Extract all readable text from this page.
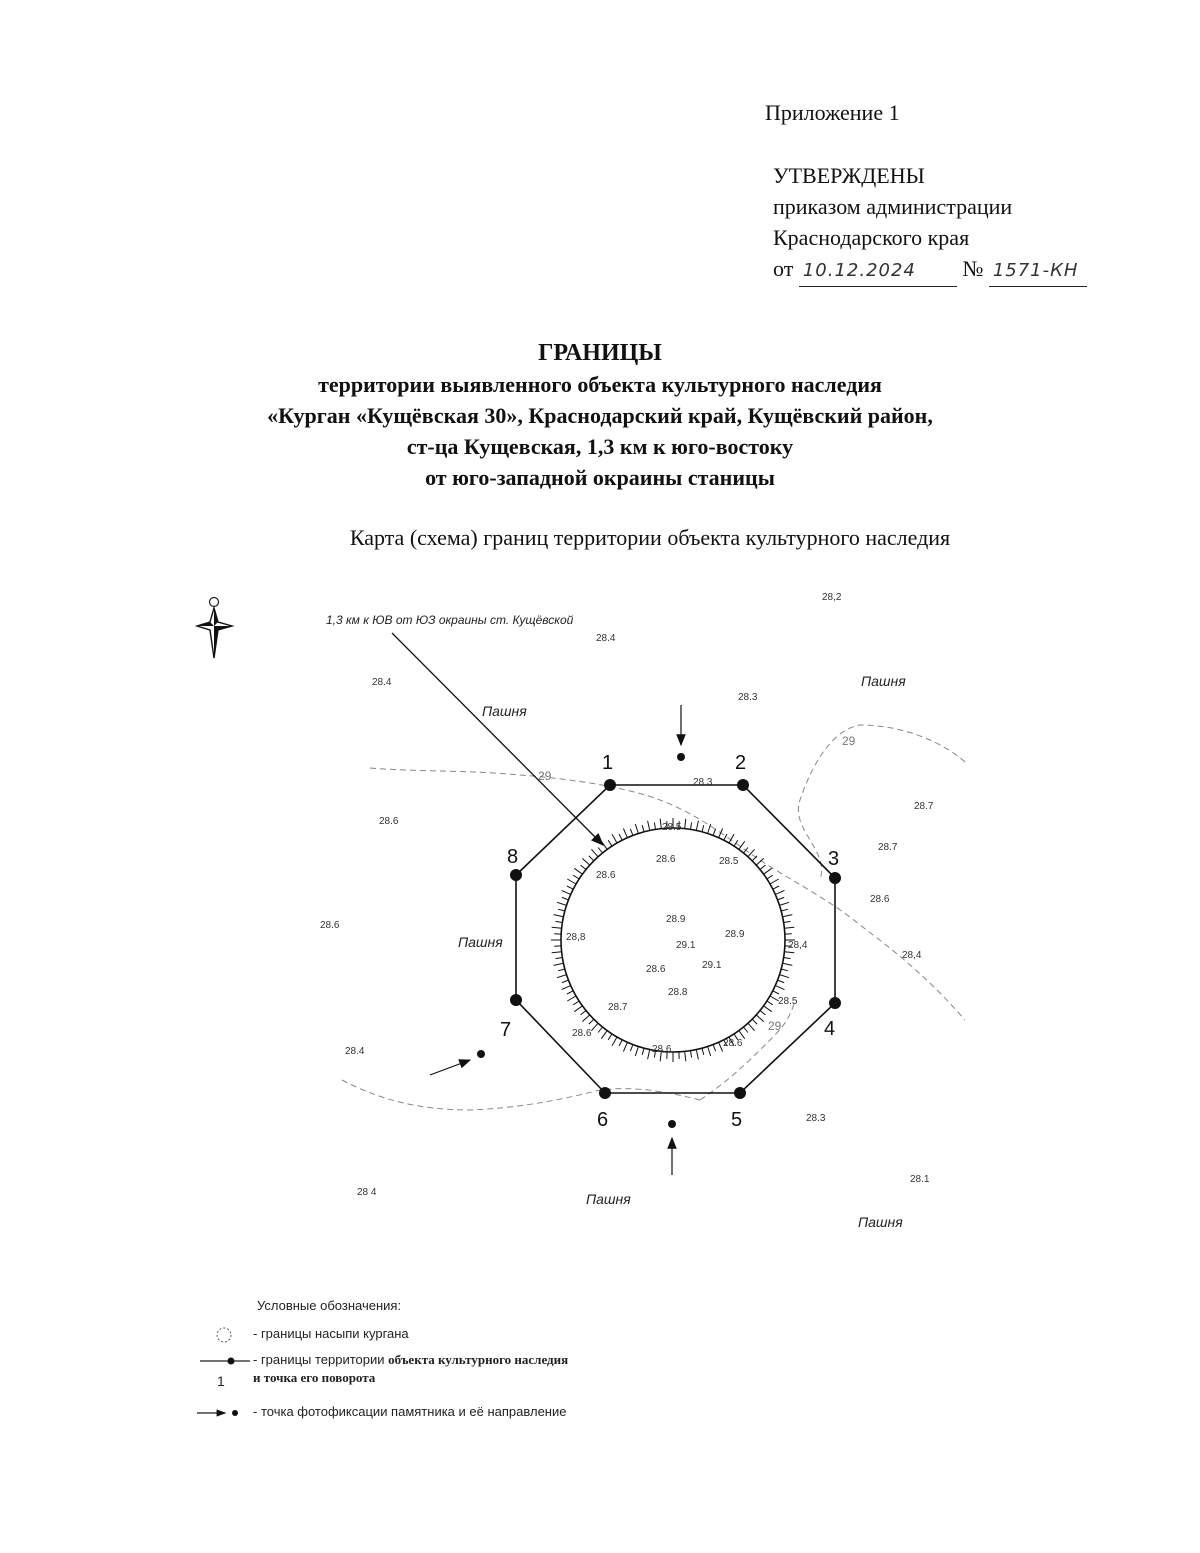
Приложение 1
УТВЕРЖДЕНЫ
приказом администрации
Краснодарского края
от 10.12.2024 № 1571-КН
ГРАНИЦЫ
территории выявленного объекта культурного наследия
«Курган «Кущёвская 30», Краснодарский край, Кущёвский район,
ст-ца Кущевская, 1,3 км к юго-востоку
от юго-западной окраины станицы
Карта (схема) границ территории объекта культурного наследия
29
29
29
1,3 км к ЮВ от ЮЗ окраины ст. Кущёвской
1	2
3
4
5
6
7
8
Пашня
Пашня
Пашня
Пашня
Пашня
28,2
28.4
28.4
28.3
28.3
28.7
28.6
28.7
28.6
28.6
28,4
28.4
28.3
28.1
28 4
28.6
28.6
28.5
28.9
28.9
29.1
29.1
28.6
28.8
28,8
28,4
28.7
28.6
28.5
28.6
28.6
28.5
Условные обозначения:
- границы насыпи кургана
1
- границы территории объекта культурного наследия
и точка его поворота
- точка фотофиксации памятника и её направление
